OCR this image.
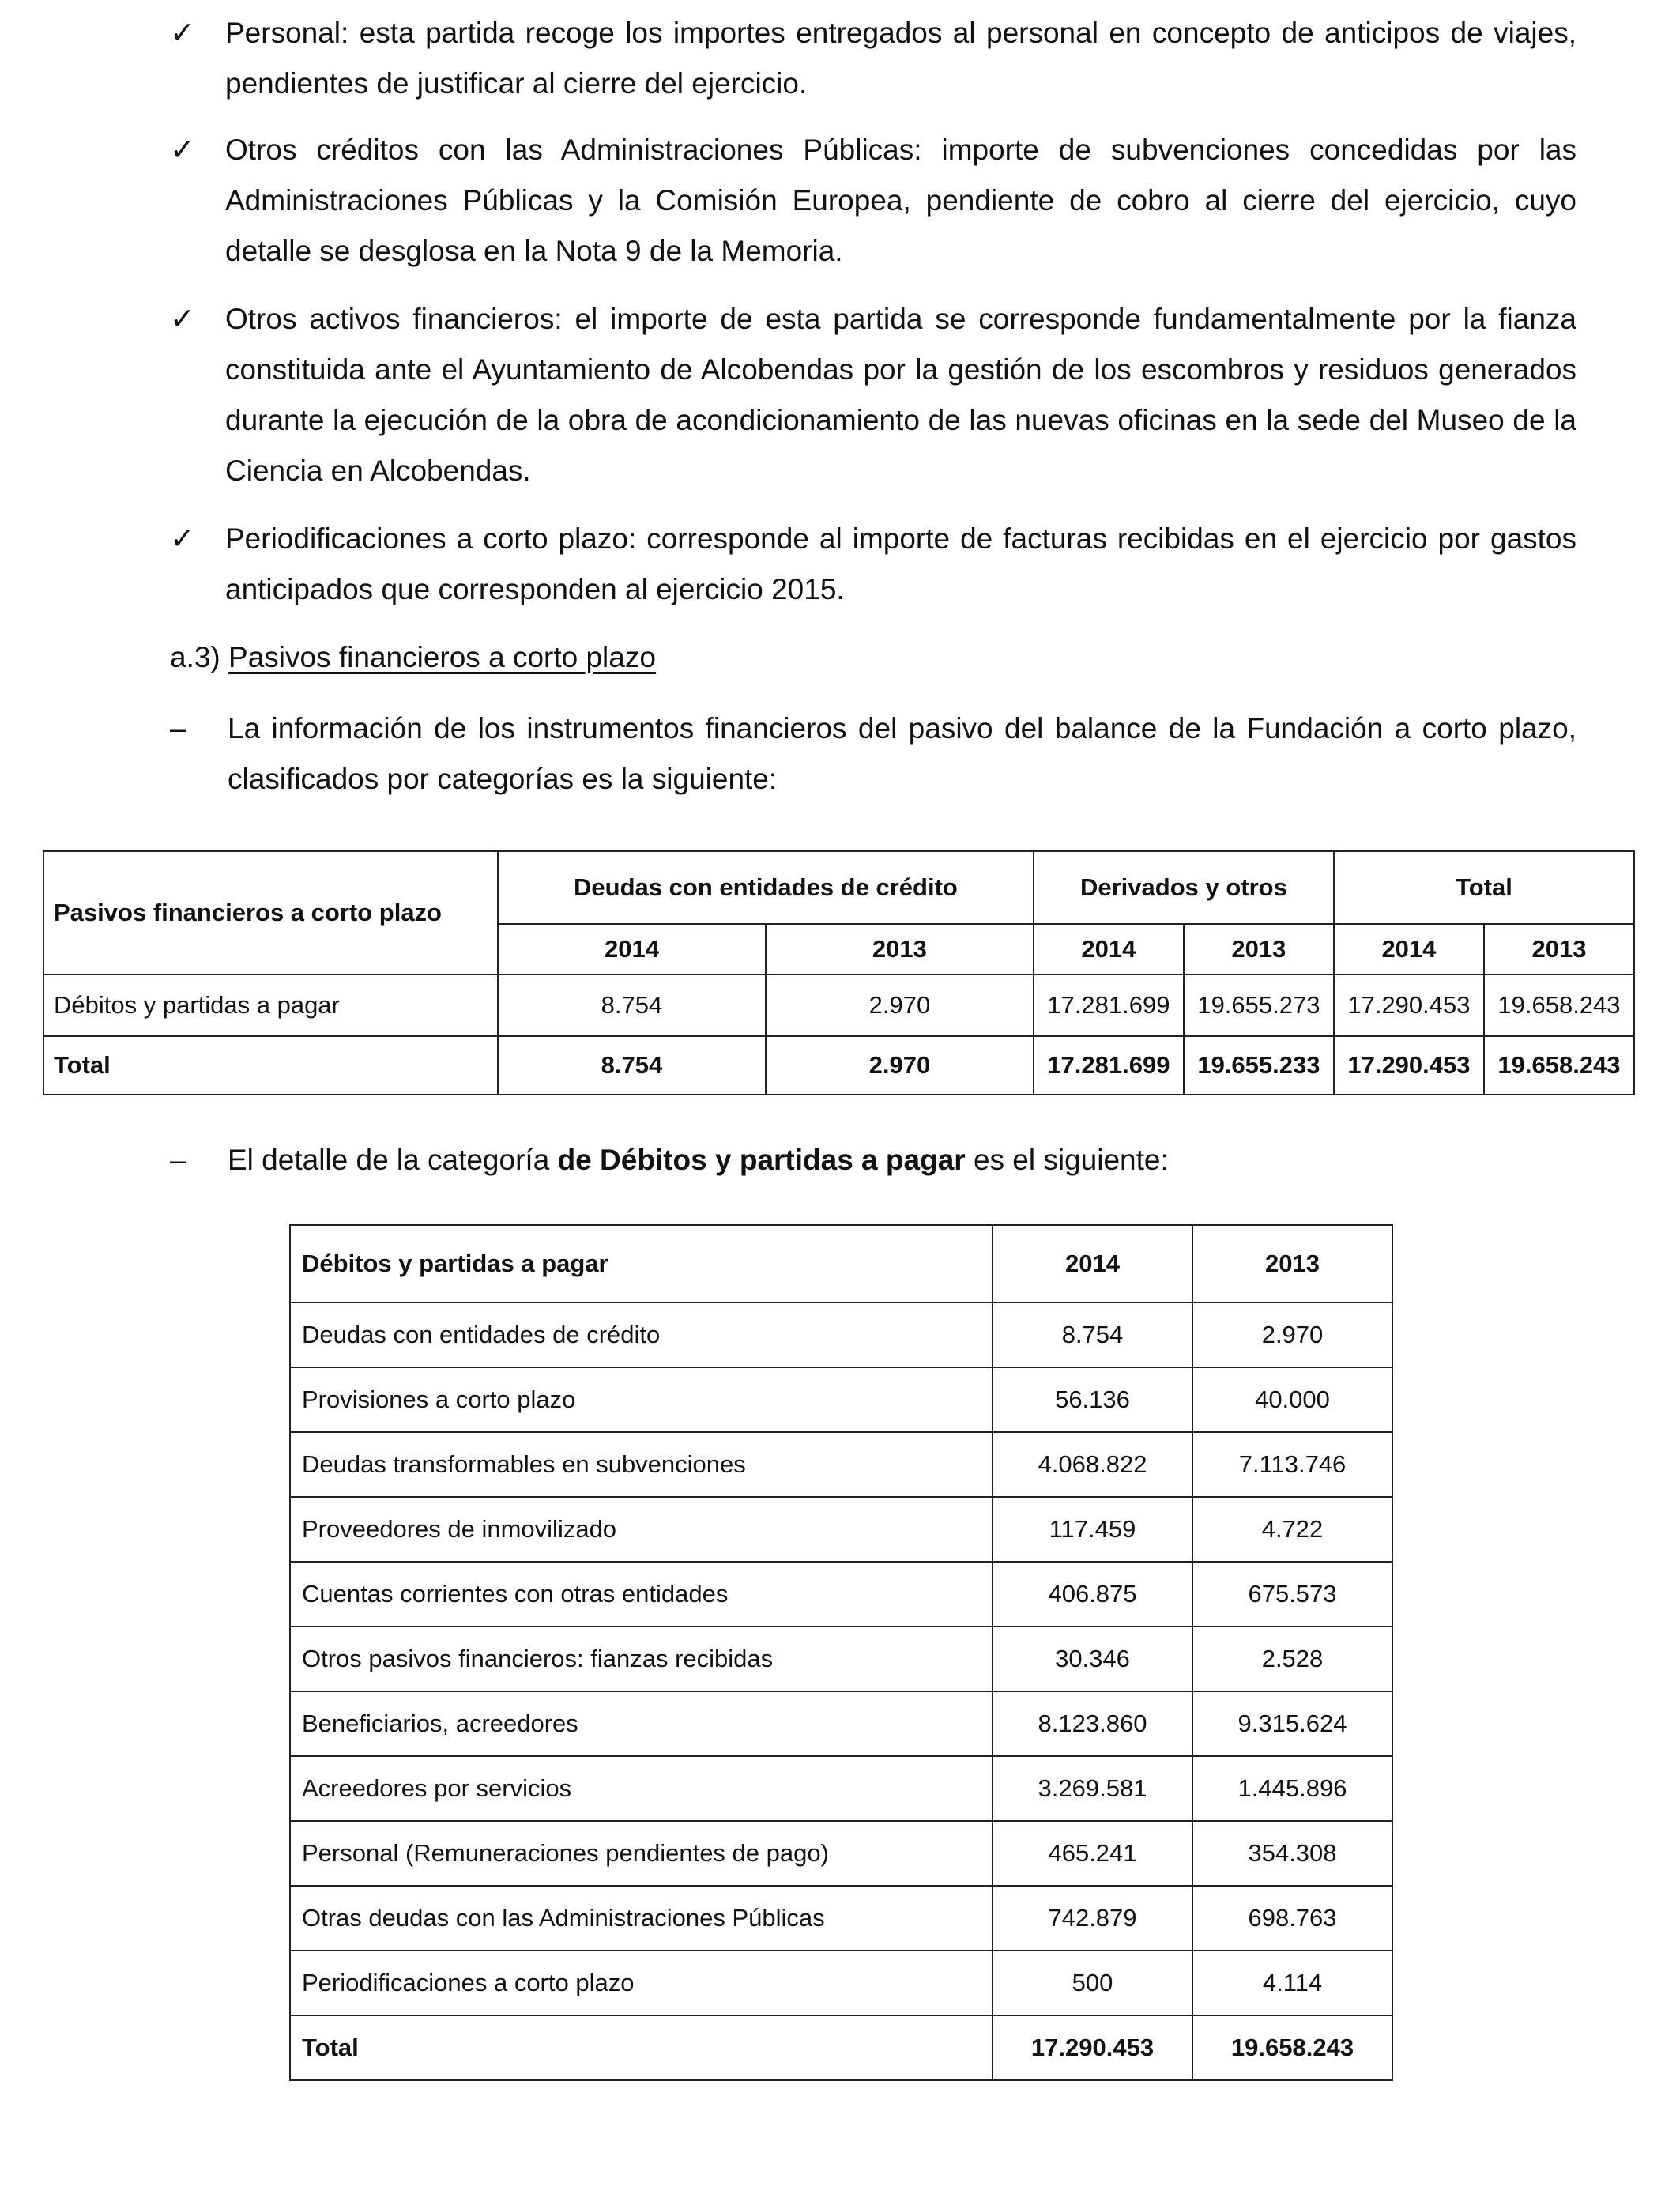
✓	Personal: esta partida recoge los importes entregados al personal en concepto de anticipos de viajes, pendientes de justificar al cierre del ejercicio.
✓	Otros créditos con las Administraciones Públicas: importe de subvenciones concedidas por las Administraciones Públicas y la Comisión Europea, pendiente de cobro al cierre del ejercicio, cuyo detalle se desglosa en la Nota 9 de la Memoria.
✓	Otros activos financieros: el importe de esta partida se corresponde fundamentalmente por la fianza constituida ante el Ayuntamiento de Alcobendas por la gestión de los escombros y residuos generados durante la ejecución de la obra de acondicionamiento de las nuevas oficinas en la sede del Museo de la Ciencia en Alcobendas.
✓	Periodificaciones a corto plazo: corresponde al importe de facturas recibidas en el ejercicio por gastos anticipados que corresponden al ejercicio 2015.
a.3) Pasivos financieros a corto plazo
– La información de los instrumentos financieros del pasivo del balance de la Fundación a corto plazo, clasificados por categorías es la siguiente:
Pasivos financieros a corto plazo	Deudas con entidades de crédito		Derivados y otros		Total	
	2014	2013	2014	2013	2014	2013
Débitos y partidas a pagar	8.754	2.970	17.281.699	19.655.273	17.290.453	19.658.243
Total	8.754	2.970	17.281.699	19.655.233	17.290.453	19.658.243
– El detalle de la categoría de Débitos y partidas a pagar es el siguiente:
Débitos y partidas a pagar	2014	2013
Deudas con entidades de crédito	8.754	2.970
Provisiones a corto plazo	56.136	40.000
Deudas transformables en subvenciones	4.068.822	7.113.746
Proveedores de inmovilizado	117.459	4.722
Cuentas corrientes con otras entidades	406.875	675.573
Otros pasivos financieros: fianzas recibidas	30.346	2.528
Beneficiarios, acreedores	8.123.860	9.315.624
Acreedores por servicios	3.269.581	1.445.896
Personal (Remuneraciones pendientes de pago)	465.241	354.308
Otras deudas con las Administraciones Públicas	742.879	698.763
Periodificaciones a corto plazo	500	4.114
Total	17.290.453	19.658.243
